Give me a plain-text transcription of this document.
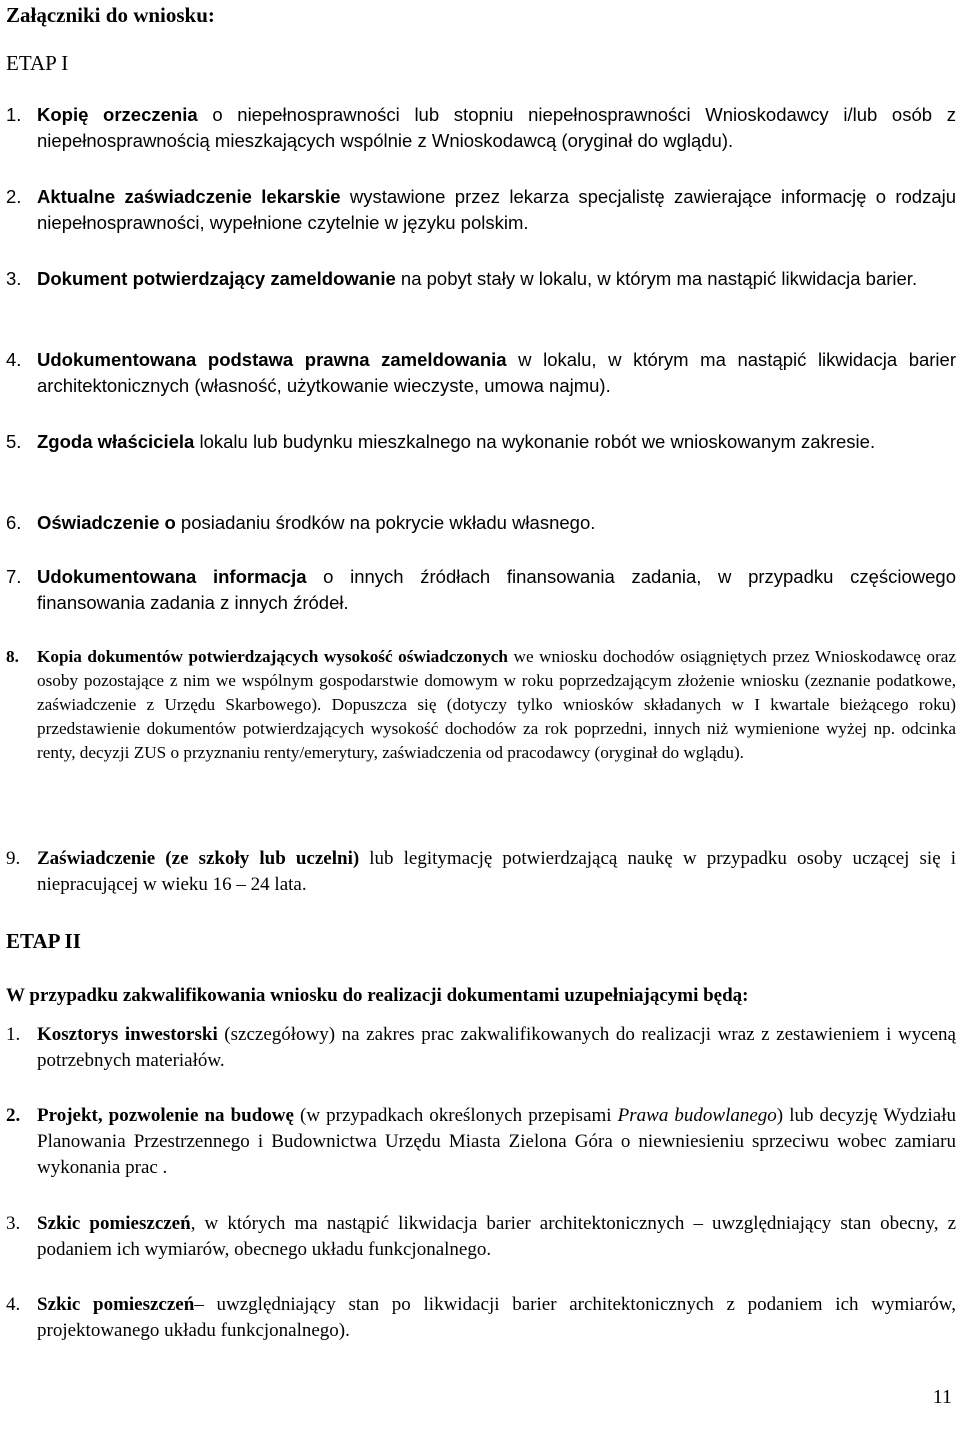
Załączniki do wniosku:
ETAP I
1. Kopię orzeczenia o niepełnosprawności lub stopniu niepełnosprawności Wnioskodawcy i/lub osób z niepełnosprawnością mieszkających wspólnie z Wnioskodawcą (oryginał do wglądu).
2. Aktualne zaświadczenie lekarskie wystawione przez lekarza specjalistę zawierające informację o rodzaju niepełnosprawności, wypełnione czytelnie w języku polskim.
3. Dokument potwierdzający zameldowanie na pobyt stały w lokalu, w którym ma nastąpić likwidacja barier.
4. Udokumentowana podstawa prawna zameldowania w lokalu, w którym ma nastąpić likwidacja barier architektonicznych (własność, użytkowanie wieczyste, umowa najmu).
5. Zgoda właściciela lokalu lub budynku mieszkalnego na wykonanie robót we wnioskowanym zakresie.
6. Oświadczenie o posiadaniu środków na pokrycie wkładu własnego.
7. Udokumentowana informacja o innych źródłach finansowania zadania, w przypadku częściowego finansowania zadania z innych źródeł.
8. Kopia dokumentów potwierdzających wysokość oświadczonych we wniosku dochodów osiągniętych przez Wnioskodawcę oraz osoby pozostające z nim we wspólnym gospodarstwie domowym w roku poprzedzającym złożenie wniosku (zeznanie podatkowe, zaświadczenie z Urzędu Skarbowego). Dopuszcza się (dotyczy tylko wniosków składanych w I kwartale bieżącego roku) przedstawienie dokumentów potwierdzających wysokość dochodów za rok poprzedni, innych niż wymienione wyżej np. odcinka renty, decyzji ZUS o przyznaniu renty/emerytury, zaświadczenia od pracodawcy (oryginał do wglądu).
9. Zaświadczenie (ze szkoły lub uczelni) lub legitymację potwierdzającą naukę w przypadku osoby uczącej się i niepracującej w wieku 16 – 24 lata.
ETAP II
W przypadku zakwalifikowania wniosku do realizacji dokumentami uzupełniającymi będą:
1. Kosztorys inwestorski (szczegółowy) na zakres prac zakwalifikowanych do realizacji wraz z zestawieniem i wyceną potrzebnych materiałów.
2. Projekt, pozwolenie na budowę (w przypadkach określonych przepisami Prawa budowlanego) lub decyzję Wydziału Planowania Przestrzennego i Budownictwa Urzędu Miasta Zielona Góra o niewniesieniu sprzeciwu wobec zamiaru wykonania prac .
3. Szkic pomieszczeń, w których ma nastąpić likwidacja barier architektonicznych – uwzględniający stan obecny, z podaniem ich wymiarów, obecnego układu funkcjonalnego.
4. Szkic pomieszczeń– uwzględniający stan po likwidacji barier architektonicznych z podaniem ich wymiarów, projektowanego układu funkcjonalnego).
11
